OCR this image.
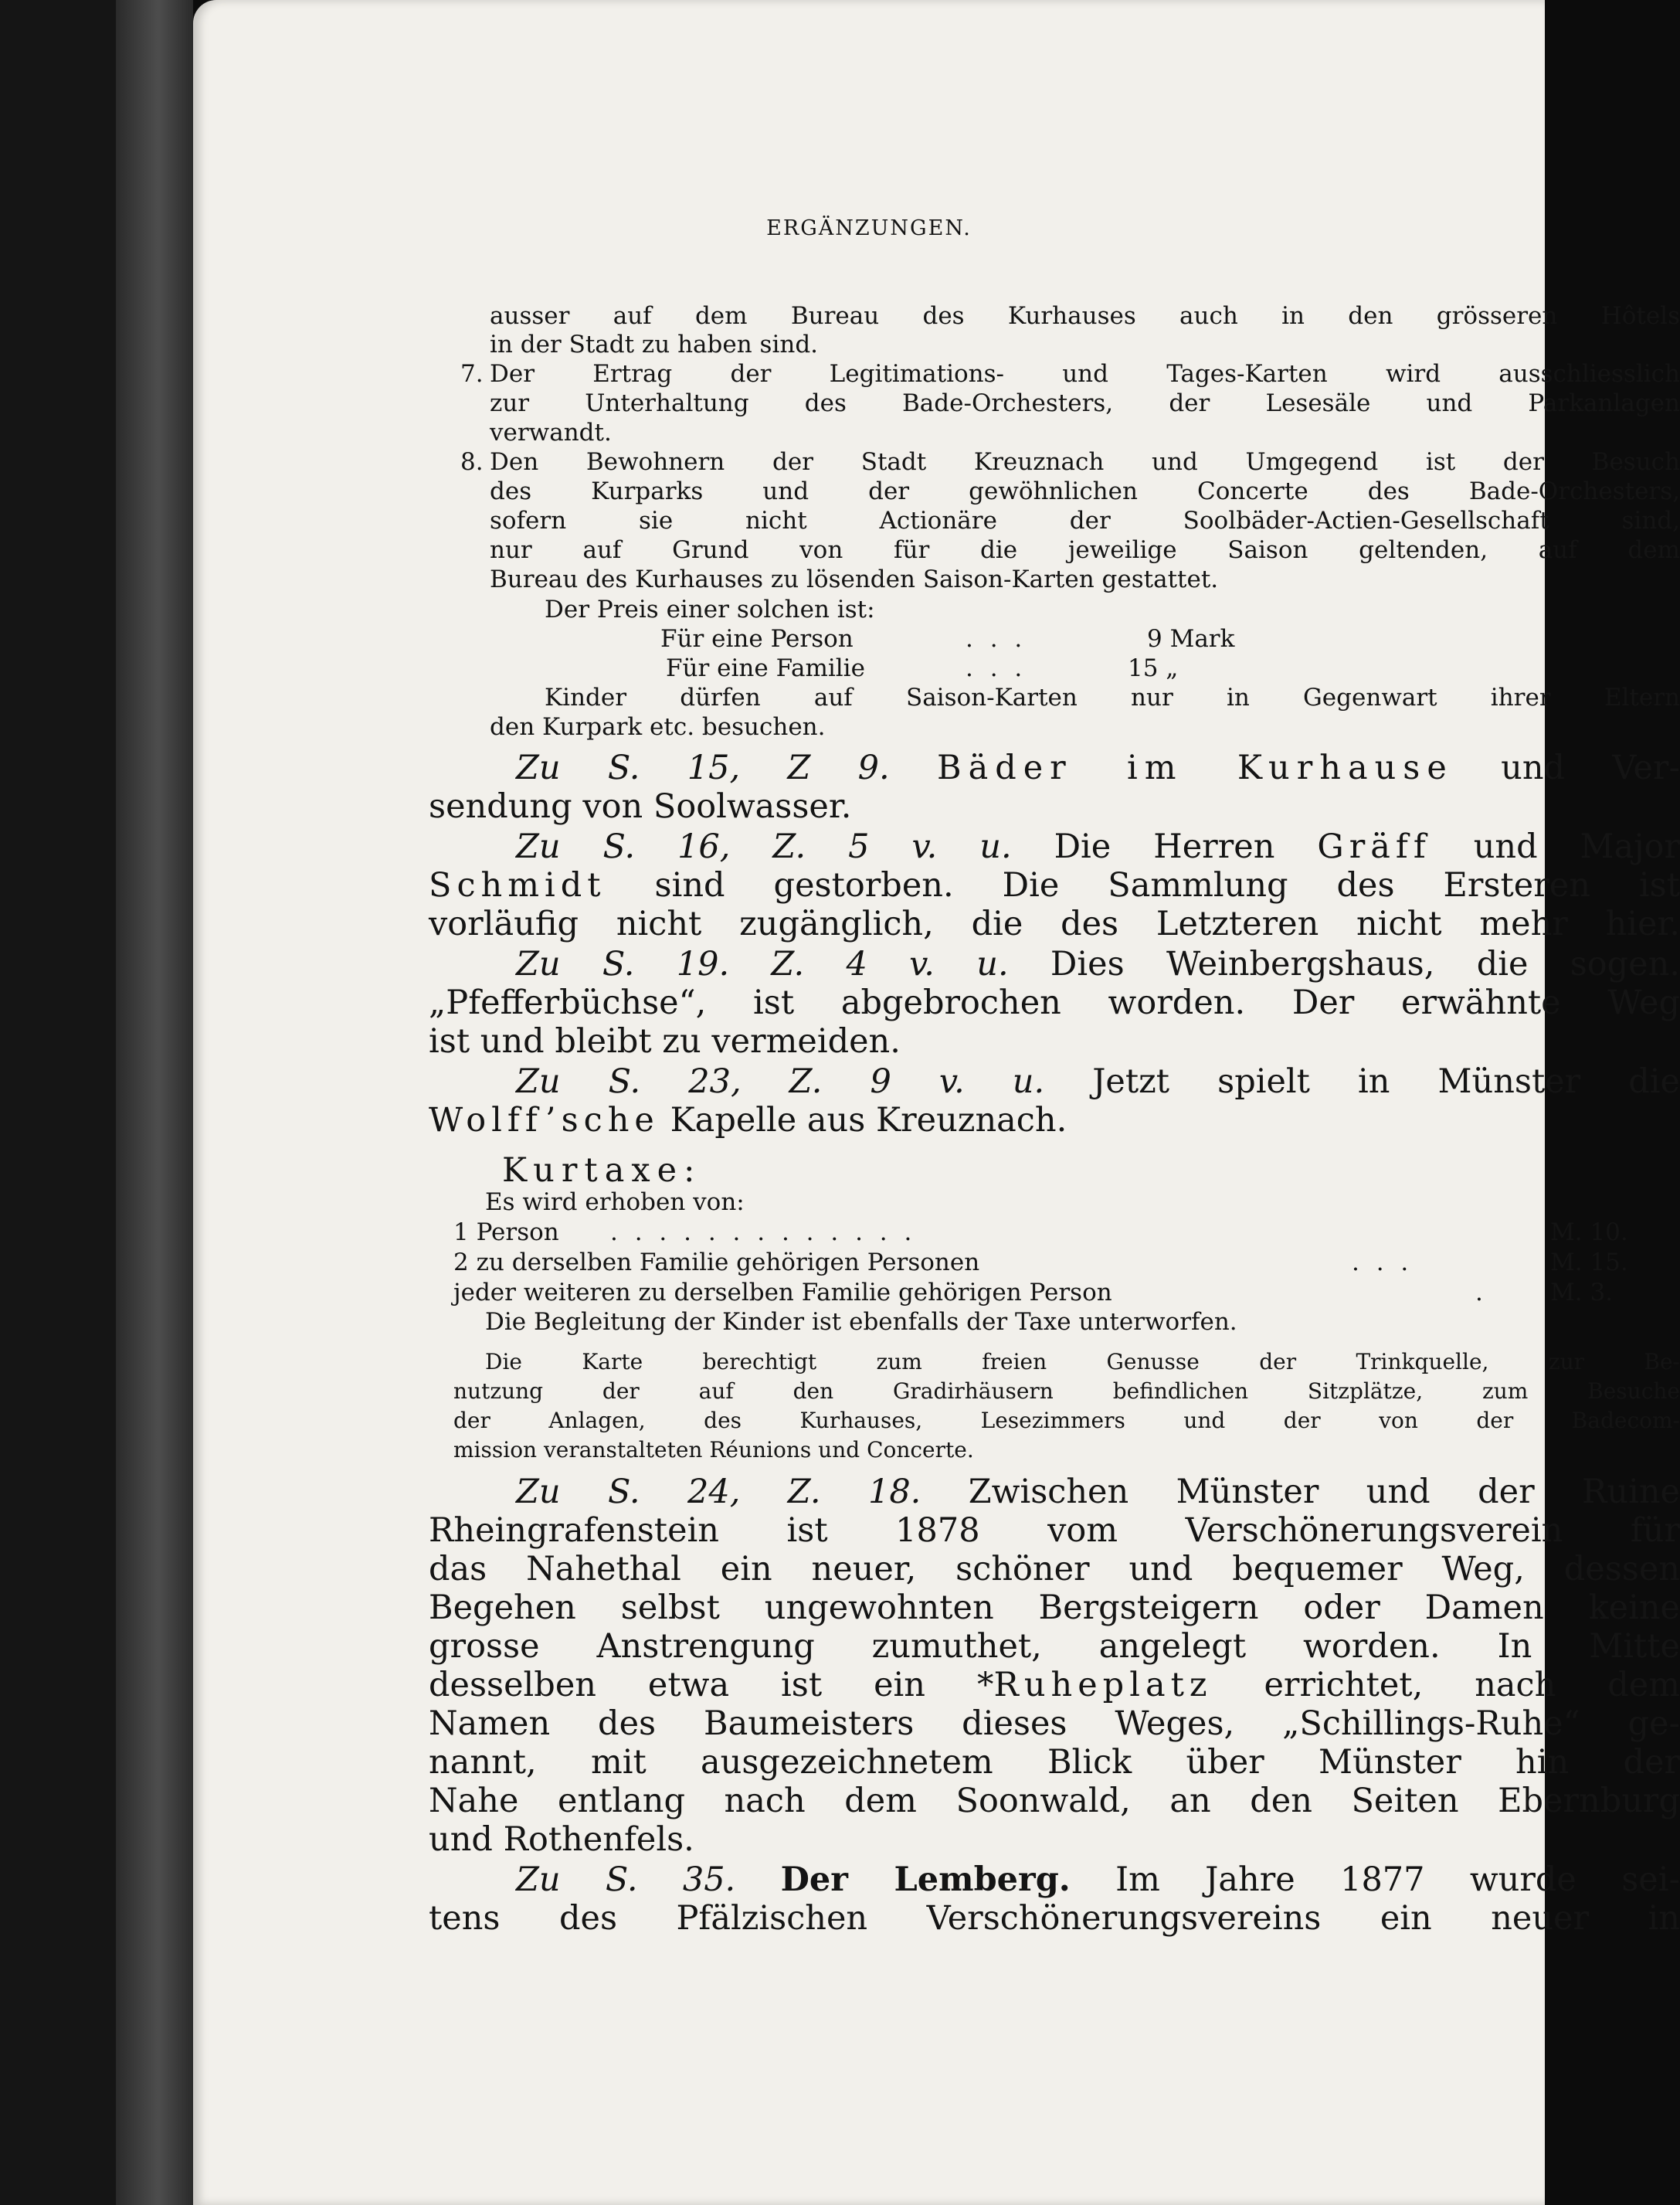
ERGÄNZUNGEN.
ausser auf dem Bureau des Kurhauses auch in den grösseren Hôtels
in der Stadt zu haben sind.
7. Der Ertrag der Legitimations- und Tages-Karten wird ausschliesslich
zur Unterhaltung des Bade-Orchesters, der Lesesäle und Parkanlagen
verwandt.
8. Den Bewohnern der Stadt Kreuznach und Umgegend ist der Besuch
des Kurparks und der gewöhnlichen Concerte des Bade-Orchesters,
sofern sie nicht Actionäre der Soolbäder-Actien-Gesellschaft sind,
nur auf Grund von für die jeweilige Saison geltenden, auf dem
Bureau des Kurhauses zu lösenden Saison-Karten gestattet.
Der Preis einer solchen ist:
Für eine Person	. . .	9 Mark
Für eine Familie	. . .	15 „
Kinder dürfen auf Saison-Karten nur in Gegenwart ihrer Eltern
den Kurpark etc. besuchen.
Zu S. 15, Z 9. Bäder im Kurhause und Ver-
sendung von Soolwasser.
Zu S. 16, Z. 5 v. u. Die Herren Gräff und Major
Schmidt sind gestorben. Die Sammlung des Ersteren ist
vorläufig nicht zugänglich, die des Letzteren nicht mehr hier.
Zu S. 19. Z. 4 v. u. Dies Weinbergshaus, die sogen.
„Pfefferbüchse“, ist abgebrochen worden. Der erwähnte Weg
ist und bleibt zu vermeiden.
Zu S. 23, Z. 9 v. u. Jetzt spielt in Münster die
Wolff’sche Kapelle aus Kreuznach.
Kurtaxe:
Es wird erhoben von:
1 Person . . . . . . . . . . . . .	M. 10.
2 zu derselben Familie gehörigen Personen	. . .	M. 15.
jeder weiteren zu derselben Familie gehörigen Person	.	M. 3.
Die Begleitung der Kinder ist ebenfalls der Taxe unterworfen.
Die Karte berechtigt zum freien Genusse der Trinkquelle, zur Be-
nutzung der auf den Gradirhäusern befindlichen Sitzplätze, zum Besuche
der Anlagen, des Kurhauses, Lesezimmers und der von der Badecom-
mission veranstalteten Réunions und Concerte.
Zu S. 24, Z. 18. Zwischen Münster und der Ruine
Rheingrafenstein ist 1878 vom Verschönerungsverein für
das Nahethal ein neuer, schöner und bequemer Weg, dessen
Begehen selbst ungewohnten Bergsteigern oder Damen keine
grosse Anstrengung zumuthet, angelegt worden. In Mitte
desselben etwa ist ein *Ruheplatz errichtet, nach dem
Namen des Baumeisters dieses Weges, „Schillings-Ruhe“ ge-
nannt, mit ausgezeichnetem Blick über Münster hin der
Nahe entlang nach dem Soonwald, an den Seiten Ebernburg
und Rothenfels.
Zu S. 35. Der Lemberg. Im Jahre 1877 wurde sei-
tens des Pfälzischen Verschönerungsvereins ein neuer in
